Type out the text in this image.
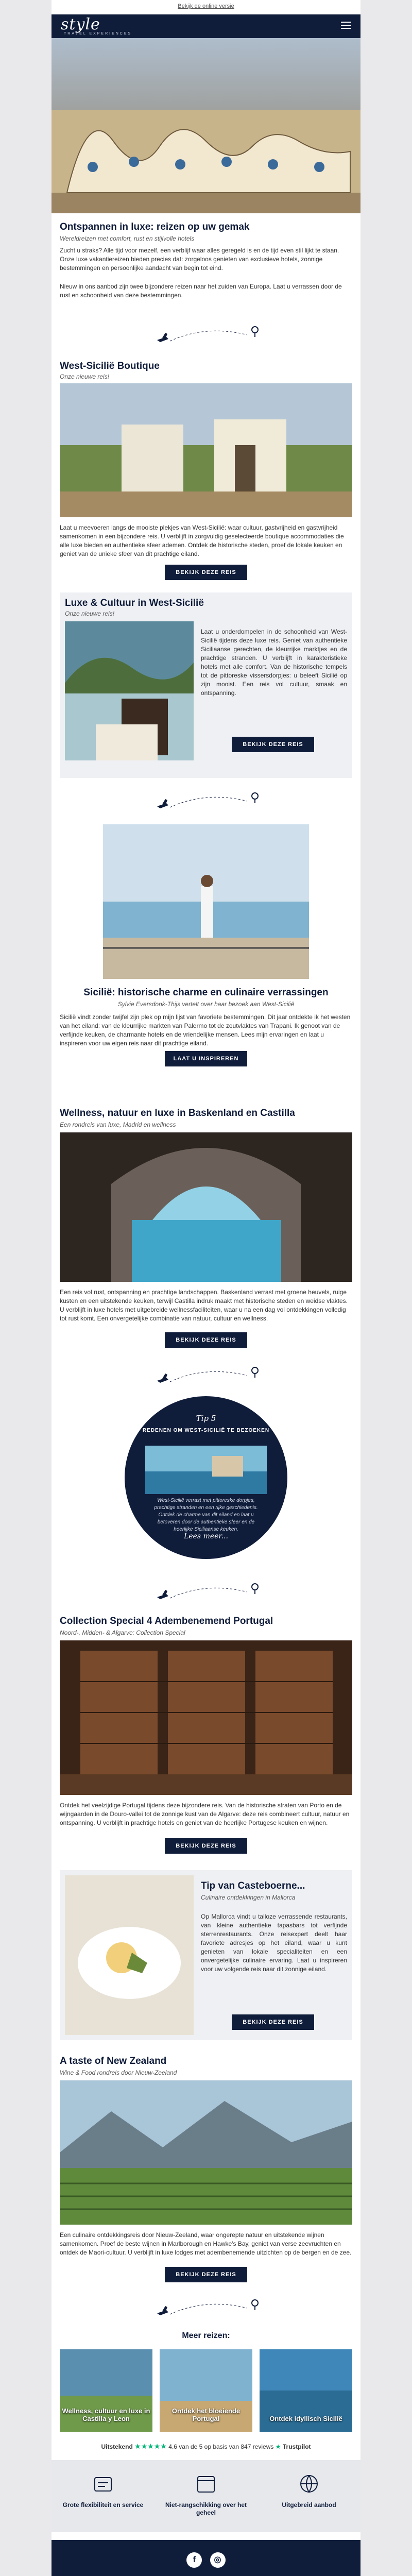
Bekijk de online versie
style
TRAVEL EXPERIENCES
Ontspannen in luxe: reizen op uw gemak
Wereldreizen met comfort, rust en stijlvolle hotels

Zucht u straks? Alle tijd voor mezelf, een verblijf waar alles geregeld is en de tijd even stil lijkt te staan. Onze luxe vakantiereizen bieden precies dat: zorgeloos genieten van exclusieve hotels, zonnige bestemmingen en persoonlijke aandacht van begin tot eind.

Nieuw in ons aanbod zijn twee bijzondere reizen naar het zuiden van Europa. Laat u verrassen door de rust en schoonheid van deze bestemmingen.

West-Sicilië Boutique
Onze nieuwe reis!

Laat u meevoeren langs de mooiste plekjes van West-Sicilië: waar cultuur, gastvrijheid en gastvrijheid samenkomen in een bijzondere reis. U verblijft in zorgvuldig geselecteerde boutique accommodaties die alle luxe bieden en authentieke sfeer ademen. Ontdek de historische steden, proef de lokale keuken en geniet van de unieke sfeer van dit prachtige eiland.

BEKIJK DEZE REIS
Luxe & Cultuur in West-Sicilië
Onze nieuwe reis!

Laat u onderdompelen in de schoonheid van West-Sicilië tijdens deze luxe reis. Geniet van authentieke Siciliaanse gerechten, de kleurrijke marktjes en de prachtige stranden. U verblijft in karakteristieke hotels met alle comfort. Van de historische tempels tot de pittoreske vissersdorpjes: u beleeft Sicilië op zijn mooist. Een reis vol cultuur, smaak en ontspanning.

BEKIJK DEZE REIS
Sicilië: historische charme en culinaire verrassingen
Sylvie Eversdonk-Thijs vertelt over haar bezoek aan West-Sicilië

Sicilië vindt zonder twijfel zijn plek op mijn lijst van favoriete bestemmingen. Dit jaar ontdekte ik het westen van het eiland: van de kleurrijke markten van Palermo tot de zoutvlaktes van Trapani. Ik genoot van de verfijnde keuken, de charmante hotels en de vriendelijke mensen. Lees mijn ervaringen en laat u inspireren voor uw eigen reis naar dit prachtige eiland.

LAAT U INSPIREREN
Wellness, natuur en luxe in Baskenland en Castilla
Een rondreis van luxe, Madrid en wellness

Een reis vol rust, ontspanning en prachtige landschappen. Baskenland verrast met groene heuvels, ruige kusten en een uitstekende keuken, terwijl Castilla indruk maakt met historische steden en weidse vlaktes. U verblijft in luxe hotels met uitgebreide wellnessfaciliteiten, waar u na een dag vol ontdekkingen volledig tot rust komt. Een onvergetelijke combinatie van natuur, cultuur en wellness.

BEKIJK DEZE REIS
Tip 5
REDENEN OM WEST-SICILIË TE BEZOEKEN
West-Sicilië verrast met pittoreske dorpjes, prachtige stranden en een rijke geschiedenis. Ontdek de charme van dit eiland en laat u betoveren door de authentieke sfeer en de heerlijke Siciliaanse keuken.
Lees meer...
Collection Special 4 Adembenemend Portugal
Noord-, Midden- & Algarve: Collection Special

Ontdek het veelzijdige Portugal tijdens deze bijzondere reis. Van de historische straten van Porto en de wijngaarden in de Douro-vallei tot de zonnige kust van de Algarve: deze reis combineert cultuur, natuur en ontspanning. U verblijft in prachtige hotels en geniet van de heerlijke Portugese keuken en wijnen.

BEKIJK DEZE REIS
Tip van Casteboerne...
Culinaire ontdekkingen in Mallorca

Op Mallorca vindt u talloze verrassende restaurants, van kleine authentieke tapasbars tot verfijnde sterrenrestaurants. Onze reisexpert deelt haar favoriete adresjes op het eiland, waar u kunt genieten van lokale specialiteiten en een onvergetelijke culinaire ervaring. Laat u inspireren voor uw volgende reis naar dit zonnige eiland.

BEKIJK DEZE REIS
A taste of New Zealand
Wine & Food rondreis door Nieuw-Zeeland

Een culinaire ontdekkingsreis door Nieuw-Zeeland, waar ongerepte natuur en uitstekende wijnen samenkomen. Proef de beste wijnen in Marlborough en Hawke's Bay, geniet van verse zeevruchten en ontdek de Maori-cultuur. U verblijft in luxe lodges met adembenemende uitzichten op de bergen en de zee.

BEKIJK DEZE REIS
Meer reizen:
Wellness, cultuur en luxe in Castilla y Leon
Ontdek het bloeiende Portugal	Ontdek idyllisch Sicilië
Uitstekend ★★★★★ 4.6 van de 5 op basis van 847 reviews ★ Trustpilot
Grote flexibiliteit en service	Niet-rangschikking over het geheel
Uitgebreid aanbod
f ◎
